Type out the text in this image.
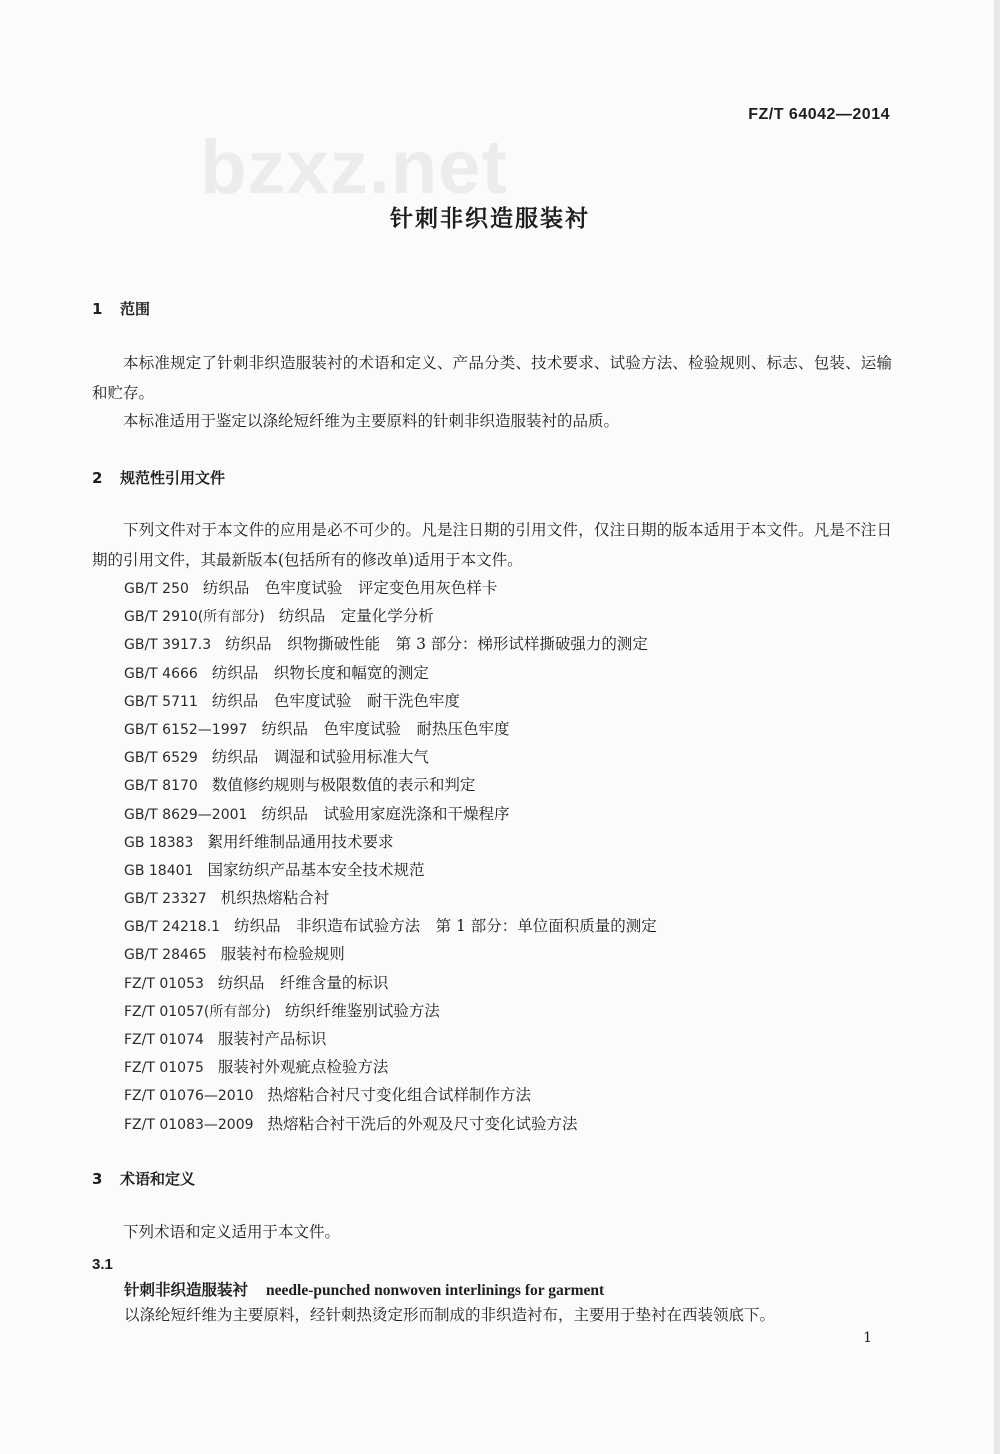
bzxz.net
FZ/T 64042—2014
针刺非织造服装衬
1 范围
本标准规定了针刺非织造服装衬的术语和定义、产品分类、技术要求、试验方法、检验规则、标志、包装、运输和贮存。
本标准适用于鉴定以涤纶短纤维为主要原料的针刺非织造服装衬的品质。
2 规范性引用文件
下列文件对于本文件的应用是必不可少的。凡是注日期的引用文件，仅注日期的版本适用于本文件。凡是不注日期的引用文件，其最新版本(包括所有的修改单)适用于本文件。
GB/T 250 纺织品　色牢度试验　评定变色用灰色样卡
GB/T 2910(所有部分) 纺织品　定量化学分析
GB/T 3917.3 纺织品　织物撕破性能　第 3 部分：梯形试样撕破强力的测定
GB/T 4666 纺织品　织物长度和幅宽的测定
GB/T 5711 纺织品　色牢度试验　耐干洗色牢度
GB/T 6152—1997 纺织品　色牢度试验　耐热压色牢度
GB/T 6529 纺织品　调湿和试验用标准大气
GB/T 8170 数值修约规则与极限数值的表示和判定
GB/T 8629—2001 纺织品　试验用家庭洗涤和干燥程序
GB 18383 絮用纤维制品通用技术要求
GB 18401 国家纺织产品基本安全技术规范
GB/T 23327 机织热熔粘合衬
GB/T 24218.1 纺织品　非织造布试验方法　第 1 部分：单位面积质量的测定
GB/T 28465 服装衬布检验规则
FZ/T 01053 纺织品　纤维含量的标识
FZ/T 01057(所有部分) 纺织纤维鉴别试验方法
FZ/T 01074 服装衬产品标识
FZ/T 01075 服装衬外观疵点检验方法
FZ/T 01076—2010 热熔粘合衬尺寸变化组合试样制作方法
FZ/T 01083—2009 热熔粘合衬干洗后的外观及尺寸变化试验方法
3 术语和定义
下列术语和定义适用于本文件。
3.1
针刺非织造服装衬 needle-punched nonwoven interlinings for garment
以涤纶短纤维为主要原料，经针刺热烫定形而制成的非织造衬布，主要用于垫衬在西装领底下。
1
